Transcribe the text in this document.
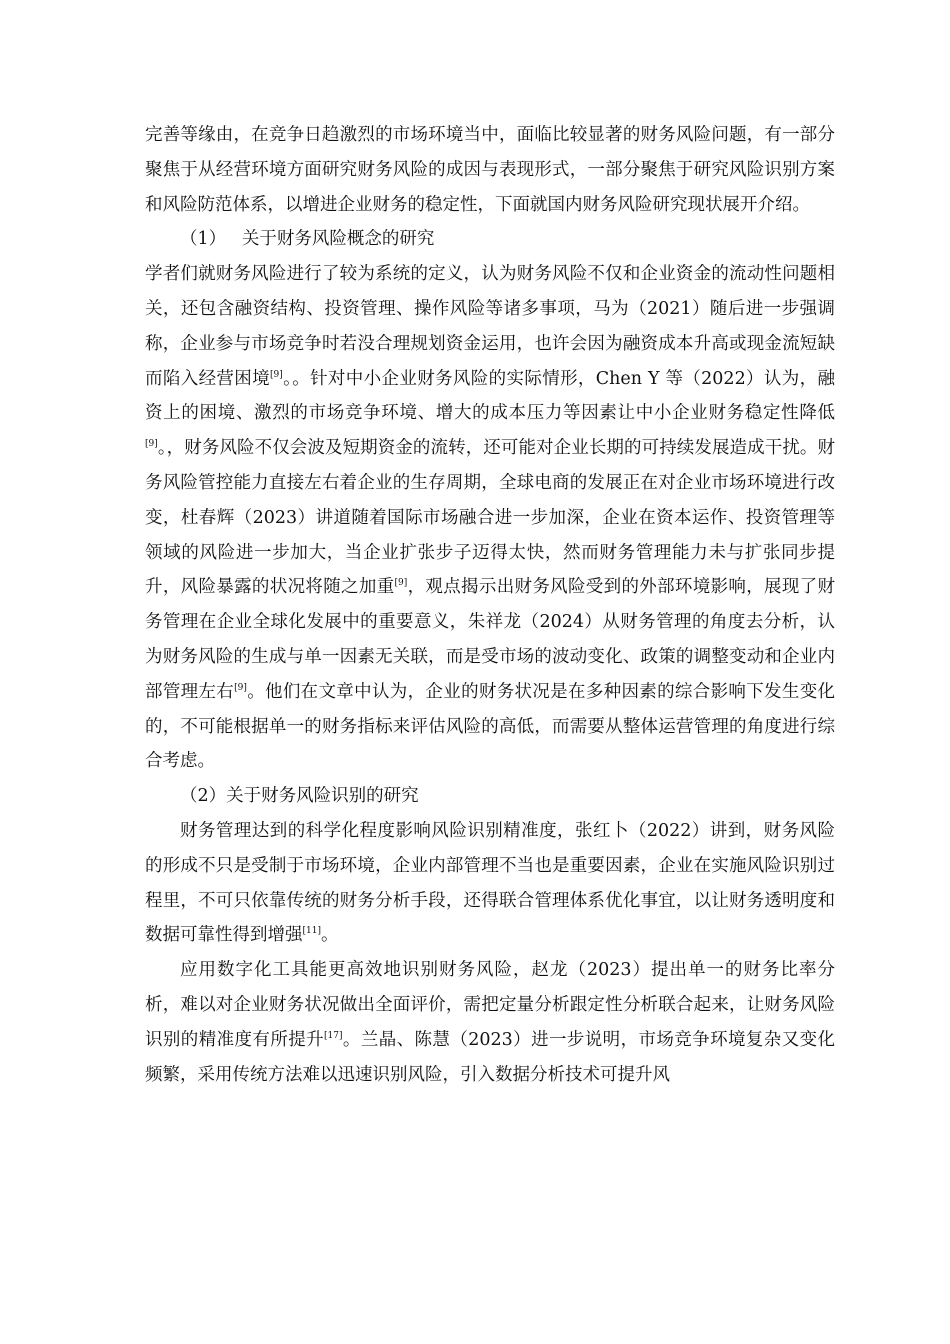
完善等缘由，在竞争日趋激烈的市场环境当中，面临比较显著的财务风险问题，有一部分聚焦于从经营环境方面研究财务风险的成因与表现形式，一部分聚焦于研究风险识别方案和风险防范体系，以增进企业财务的稳定性，下面就国内财务风险研究现状展开介绍。

（1） 关于财务风险概念的研究

学者们就财务风险进行了较为系统的定义，认为财务风险不仅和企业资金的流动性问题相关，还包含融资结构、投资管理、操作风险等诸多事项，马为（2021）随后进一步强调称，企业参与市场竞争时若没合理规划资金运用，也许会因为融资成本升高或现金流短缺而陷入经营困境[9]。。针对中小企业财务风险的实际情形，Chen Y 等（2022）认为，融资上的困境、激烈的市场竞争环境、增大的成本压力等因素让中小企业财务稳定性降低[9]。，财务风险不仅会波及短期资金的流转，还可能对企业长期的可持续发展造成干扰。财务风险管控能力直接左右着企业的生存周期，全球电商的发展正在对企业市场环境进行改变，杜春辉（2023）讲道随着国际市场融合进一步加深，企业在资本运作、投资管理等领域的风险进一步加大，当企业扩张步子迈得太快，然而财务管理能力未与扩张同步提升，风险暴露的状况将随之加重[9]，观点揭示出财务风险受到的外部环境影响，展现了财务管理在企业全球化发展中的重要意义，朱祥龙（2024）从财务管理的角度去分析，认为财务风险的生成与单一因素无关联，而是受市场的波动变化、政策的调整变动和企业内部管理左右[9]。他们在文章中认为，企业的财务状况是在多种因素的综合影响下发生变化的，不可能根据单一的财务指标来评估风险的高低，而需要从整体运营管理的角度进行综合考虑。

（2）关于财务风险识别的研究

财务管理达到的科学化程度影响风险识别精准度，张红卜（2022）讲到，财务风险的形成不只是受制于市场环境，企业内部管理不当也是重要因素，企业在实施风险识别过程里，不可只依靠传统的财务分析手段，还得联合管理体系优化事宜，以让财务透明度和数据可靠性得到增强[11]。

应用数字化工具能更高效地识别财务风险，赵龙（2023）提出单一的财务比率分析，难以对企业财务状况做出全面评价，需把定量分析跟定性分析联合起来，让财务风险识别的精准度有所提升[17]。兰晶、陈慧（2023）进一步说明，市场竞争环境复杂又变化频繁，采用传统方法难以迅速识别风险，引入数据分析技术可提升风
